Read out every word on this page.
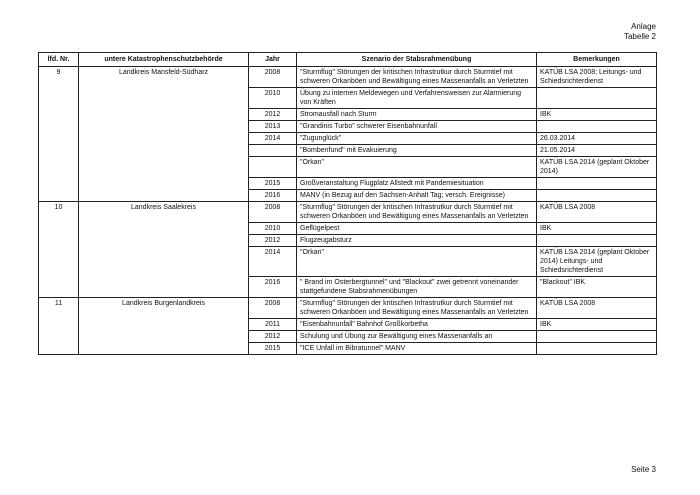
Anlage
Tabelle 2
lfd. Nr.	untere Katastrophenschutzbehörde	Jahr	Szenario der Stabsrahmenübung	Bemerkungen
9	Landkreis Mansfeld-Südharz	2008	"Sturmflug" Störungen der kritischen Infrastrutkur durch Sturmtief mit schweren Orkanböen und Bewältigung eines Massenanfalls an Verletzten	KATÜB LSA 2008; Leitungs- und Schiedsrichterdienst
		2010	Übung zu internen Meldewegen und Verfahrensweisen zur Alarmierung von Kräften	
		2012	Stromausfall nach Sturm	IBK
		2013	"Grandinis Turbo" schwerer Eisenbahnunfall	
		2014	"Zugunglück"	26.03.2014
			"Bombenfund" mit Evakuierung	21.05.2014
			"Orkan"	KATÜB LSA 2014 (geplant Oktober 2014)
		2015	Großveranstaltung Flugplatz Allstedt mit Pandemiesituation	
		2016	MANV (in Bezug auf den Sachsen-Anhalt Tag; versch. Ereignisse)	
10	Landkreis Saalekreis	2008	"Sturmflug" Störungen der kritischen Infrastrutkur durch Sturmtief mit schweren Orkanböen und Bewältigung eines Massenanfalls an Verletzten	KATÜB LSA 2008
		2010	Geflügelpest	IBK
		2012	Flugzeugabsturz	
		2014	"Orkan"	KATÜB LSA 2014 (geplant Oktober 2014) Leitungs- und Schiedsrichterdienst
		2016	" Brand im Osterbergtunnel" und "Blackout" zwei getrennt voneinander stattgefundene Stabsrahmenübungen	"Blackout" IBK
11	Landkreis Burgenlandkreis	2008	"Sturmflug" Störungen der kritischen Infrastrutkur durch Sturmtief mit schweren Orkanböen und Bewältigung eines Massenanfalls an Verletzten	KATÜB LSA 2008
		2011	"Eisenbahnunfall" Bahnhof Großkorbetha	IBK
		2012	Schulung und Übung zur Bewältigung eines Massenanfalls an	
		2015	"ICE Unfall im Bibratunnel" MANV	
Seite 3
